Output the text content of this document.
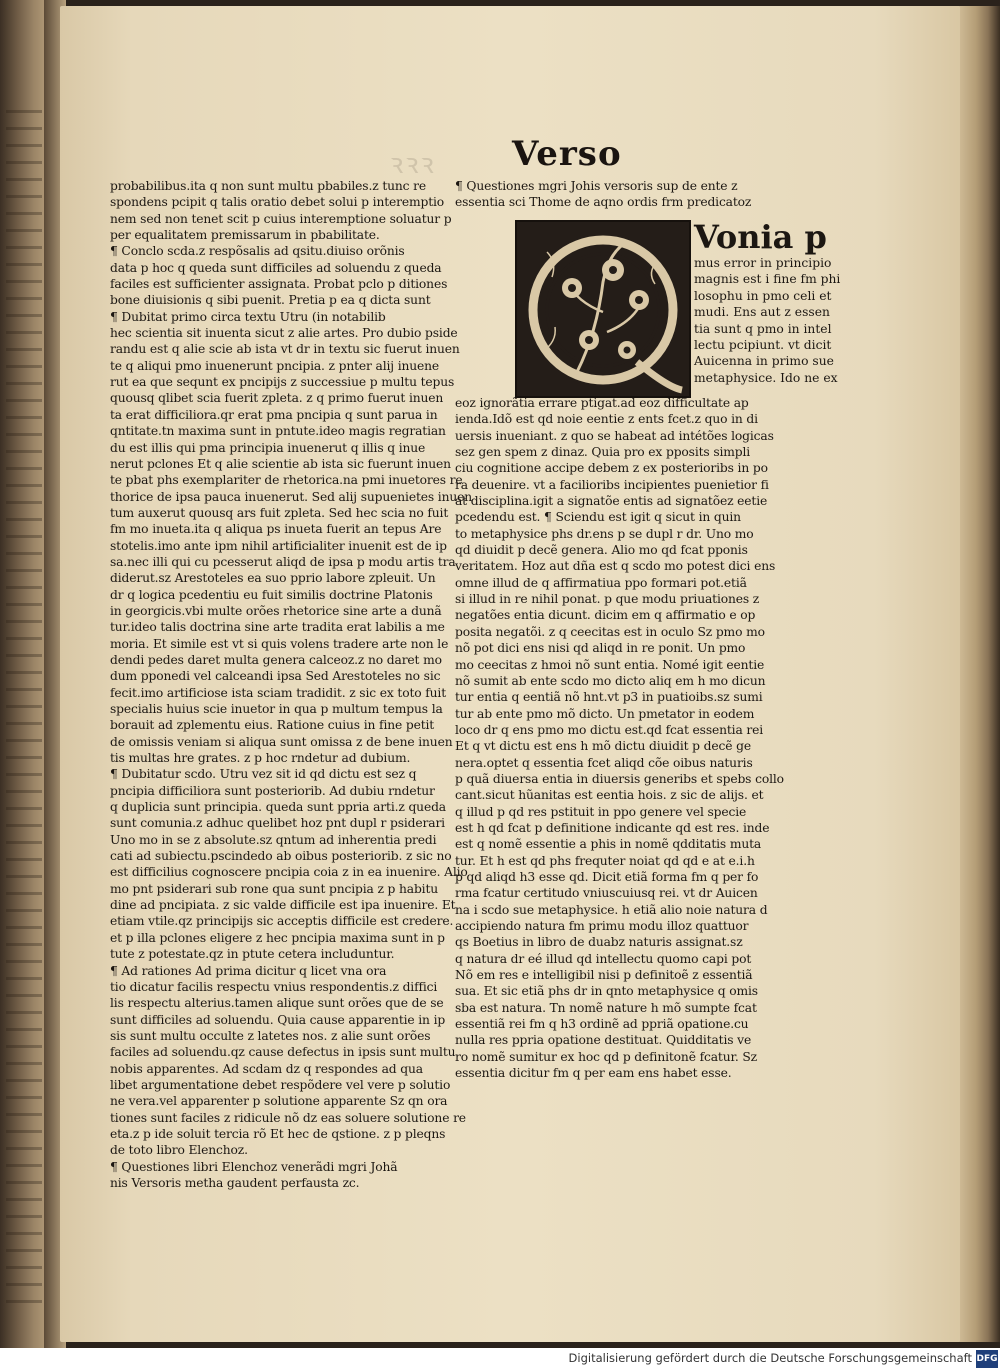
ꝛꝛꝛ Verso

probabilibus.ita q non sunt multu pbabiles.z tunc re

spondens pcipit q talis oratio debet solui p interemptio

nem sed non tenet scit p cuius interemptione soluatur p

per equalitatem premissarum in pbabilitate.

¶ Conclo scda.z respõsalis ad qsitu.diuiso orõnis

data p hoc q queda sunt difficiles ad soluendu z queda

faciles est sufficienter assignata. Probat pclo p ditiones

bone diuisionis q sibi puenit. Pretia p ea q dicta sunt

¶ Dubitat primo circa textu Utru (in notabilib

hec scientia sit inuenta sicut z alie artes. Pro dubio pside

randu est q alie scie ab ista vt dr in textu sic fuerut inuen

te q aliqui pmo inuenerunt pncipia. z pnter alij inuene

rut ea que sequnt ex pncipijs z successiue p multu tepus

quousq qlibet scia fuerit zpleta. z q primo fuerut inuen

ta erat difficiliora.qr erat pma pncipia q sunt parua in

qntitate.tn maxima sunt in pntute.ideo magis regratian

du est illis qui pma principia inuenerut q illis q inue

nerut pclones Et q alie scientie ab ista sic fuerunt inuen

te pbat phs exemplariter de rhetorica.na pmi inuetores re

thorice de ipsa pauca inuenerut. Sed alij supuenietes inuen

tum auxerut quousq ars fuit zpleta. Sed hec scia no fuit

fm mo inueta.ita q aliqua ps inueta fuerit an tepus Are

stotelis.imo ante ipm nihil artificialiter inuenit est de ip

sa.nec illi qui cu pcesserut aliqd de ipsa p modu artis tra

diderut.sz Arestoteles ea suo pprio labore zpleuit. Un

dr q logica pcedentiu eu fuit similis doctrine Platonis

in georgicis.vbi multe orões rhetorice sine arte a dunã

tur.ideo talis doctrina sine arte tradita erat labilis a me

moria. Et simile est vt si quis volens tradere arte non le

dendi pedes daret multa genera calceoz.z no daret mo

dum pponedi vel calceandi ipsa Sed Arestoteles no sic

fecit.imo artificiose ista sciam tradidit. z sic ex toto fuit

specialis huius scie inuetor in qua p multum tempus la

borauit ad zplementu eius. Ratione cuius in fine petit

de omissis veniam si aliqua sunt omissa z de bene inuen

tis multas hre grates. z p hoc rndetur ad dubium.

¶ Dubitatur scdo. Utru vez sit id qd dictu est sez q

pncipia difficiliora sunt posteriorib. Ad dubiu rndetur

q duplicia sunt principia. queda sunt ppria arti.z queda

sunt comunia.z adhuc quelibet hoz pnt dupl r psiderari

Uno mo in se z absolute.sz qntum ad inherentia predi

cati ad subiectu.pscindedo ab oibus posteriorib. z sic no

est difficilius cognoscere pncipia coia z in ea inuenire. Alio

mo pnt psiderari sub rone qua sunt pncipia z p habitu

dine ad pncipiata. z sic valde difficile est ipa inuenire. Et

etiam vtile.qz principijs sic acceptis difficile est credere.

et p illa pclones eligere z hec pncipia maxima sunt in p

tute z potestate.qz in ptute cetera includuntur.

¶ Ad rationes Ad prima dicitur q licet vna ora

tio dicatur facilis respectu vnius respondentis.z diffici

lis respectu alterius.tamen alique sunt orões que de se

sunt difficiles ad soluendu. Quia cause apparentie in ip

sis sunt multu occulte z latetes nos. z alie sunt orões

faciles ad soluendu.qz cause defectus in ipsis sunt multu

nobis apparentes. Ad scdam dz q respondes ad qua

libet argumentatione debet respõdere vel vere p solutio

ne vera.vel apparenter p solutione apparente Sz qn ora

tiones sunt faciles z ridicule nõ dz eas soluere solutione re

eta.z p ide soluit tercia rõ Et hec de qstione. z p pleqns

de toto libro Elenchoz.

¶ Questiones libri Elenchoz venerãdi mgri Johã

nis Versoris metha gaudent perfausta zc.

¶ Questiones mgri Johis versoris sup de ente z

essentia sci Thome de aqno ordis frm predicatoz

Vonia p

mus error in principio

magnis est i fine fm phi

losophu in pmo celi et

mudi. Ens aut z essen

tia sunt q pmo in intel

lectu pcipiunt. vt dicit

Auicenna in primo sue

metaphysice. Ido ne ex

eoz ignorãtia errare ptigat.ad eoz difficultate ap

ienda.Idõ est qd noie eentie z ents fcet.z quo in di

uersis inueniant. z quo se habeat ad intétões logicas

sez gen spem z dinaz. Quia pro ex pposits simpli

ciu cognitione accipe debem z ex posterioribs in po

ra deuenire. vt a facilioribs incipientes puenietior fi

at disciplina.igit a signatõe entis ad signatõez eetie

pcedendu est. ¶ Sciendu est igit q sicut in quin

to metaphysice phs dr.ens p se dupl r dr. Uno mo

qd diuidit p decẽ genera. Alio mo qd fcat pponis

veritatem. Hoz aut dña est q scdo mo potest dici ens

omne illud de q affirmatiua ppo formari pot.etiã

si illud in re nihil ponat. p que modu priuationes z

negatões entia dicunt. dicim em q affirmatio e op

posita negatõi. z q ceecitas est in oculo Sz pmo mo

nõ pot dici ens nisi qd aliqd in re ponit. Un pmo

mo ceecitas z hmoi nõ sunt entia. Nomé igit eentie

nõ sumit ab ente scdo mo dicto aliq em h mo dicun

tur entia q eentiã nõ hnt.vt p3 in puatioibs.sz sumi

tur ab ente pmo mõ dicto. Un pmetator in eodem

loco dr q ens pmo mo dictu est.qd fcat essentia rei

Et q vt dictu est ens h mõ dictu diuidit p decẽ ge

nera.optet q essentia fcet aliqd cõe oibus naturis

p quã diuersa entia in diuersis generibs et spebs collo

cant.sicut hũanitas est eentia hois. z sic de alijs. et

q illud p qd res pstituit in ppo genere vel specie

est h qd fcat p definitione indicante qd est res. inde

est q nomẽ essentie a phis in nomẽ qdditatis muta

tur. Et h est qd phs frequter noiat qd qd e at e.i.h

p qd aliqd h3 esse qd. Dicit etiã forma fm q per fo

rma fcatur certitudo vniuscuiusq rei. vt dr Auicen

na i scdo sue metaphysice. h etiã alio noie natura d

accipiendo natura fm primu modu illoz quattuor

qs Boetius in libro de duabz naturis assignat.sz

q natura dr eé illud qd intellectu quomo capi pot

Nõ em res e intelligibil nisi p definitoẽ z essentiã

sua. Et sic etiã phs dr in qnto metaphysice q omis

sba est natura. Tn nomẽ nature h mõ sumpte fcat

essentiã rei fm q h3 ordinẽ ad ppriã opatione.cu

nulla res ppria opatione destituat. Quidditatis ve

ro nomẽ sumitur ex hoc qd p definitonẽ fcatur. Sz

essentia dicitur fm q per eam ens habet esse.

Digitalisierung gefördert durch die Deutsche Forschungsgemeinschaft DFG
